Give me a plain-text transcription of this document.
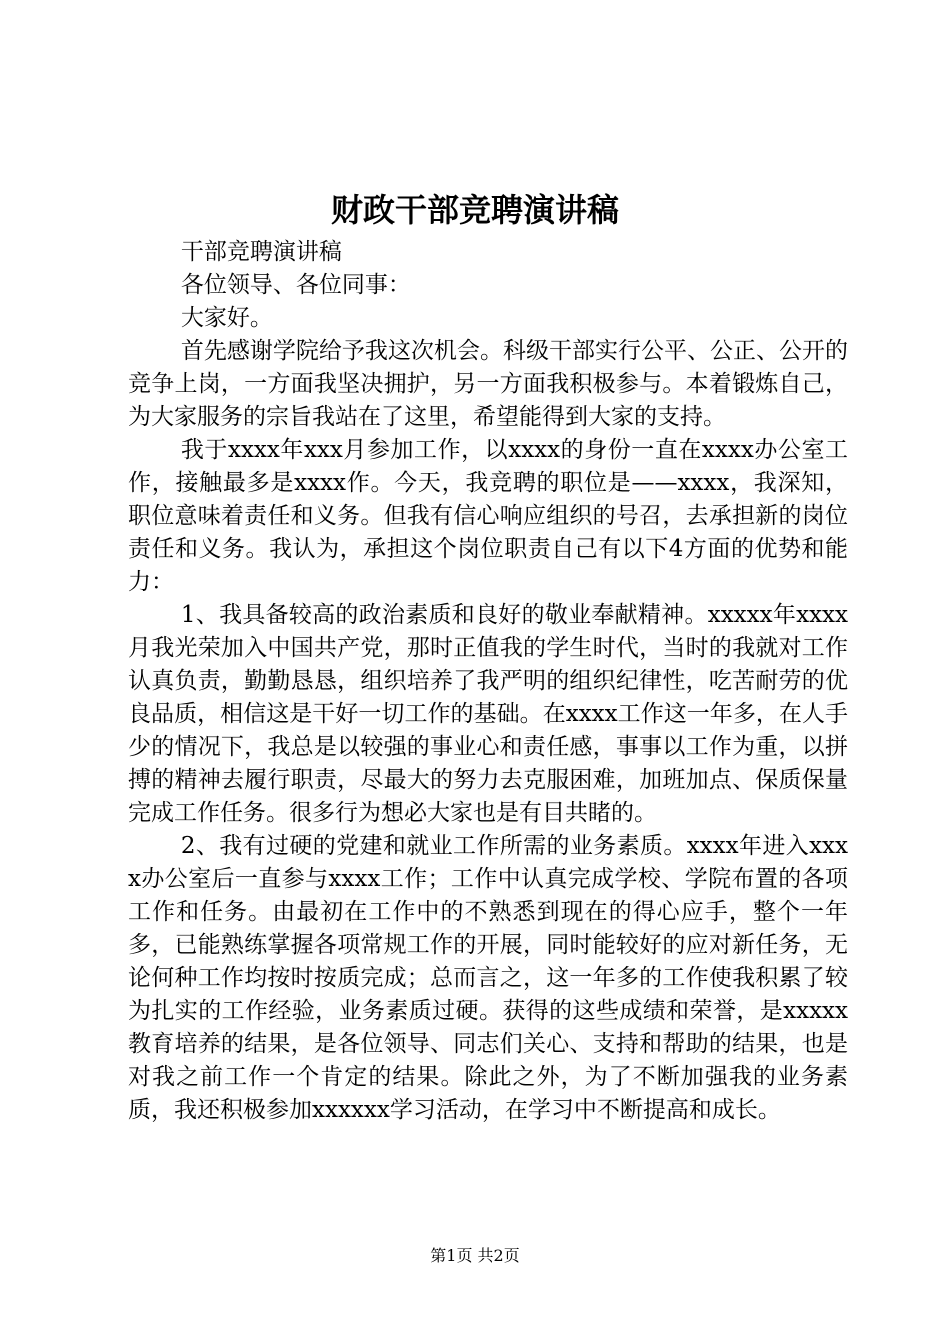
财政干部竞聘演讲稿

干部竞聘演讲稿

各位领导、各位同事：

大家好。

首先感谢学院给予我这次机会。科级干部实行公平、公正、公开的竞争上岗，一方面我坚决拥护，另一方面我积极参与。本着锻炼自己，为大家服务的宗旨我站在了这里，希望能得到大家的支持。

我于xxxx年xxx月参加工作，以xxxx的身份一直在xxxx办公室工作，接触最多是xxxx作。今天，我竞聘的职位是——xxxx，我深知，职位意味着责任和义务。但我有信心响应组织的号召，去承担新的岗位责任和义务。我认为，承担这个岗位职责自己有以下4方面的优势和能力：

1、我具备较高的政治素质和良好的敬业奉献精神。xxxxx年xxxx月我光荣加入中国共产党，那时正值我的学生时代，当时的我就对工作认真负责，勤勤恳恳，组织培养了我严明的组织纪律性，吃苦耐劳的优良品质，相信这是干好一切工作的基础。在xxxx工作这一年多，在人手少的情况下，我总是以较强的事业心和责任感，事事以工作为重，以拼搏的精神去履行职责，尽最大的努力去克服困难，加班加点、保质保量完成工作任务。很多行为想必大家也是有目共睹的。

2、我有过硬的党建和就业工作所需的业务素质。xxxx年进入xxxx办公室后一直参与xxxx工作；工作中认真完成学校、学院布置的各项工作和任务。由最初在工作中的不熟悉到现在的得心应手，整个一年多，已能熟练掌握各项常规工作的开展，同时能较好的应对新任务，无论何种工作均按时按质完成；总而言之，这一年多的工作使我积累了较为扎实的工作经验，业务素质过硬。获得的这些成绩和荣誉，是xxxxx教育培养的结果，是各位领导、同志们关心、支持和帮助的结果，也是对我之前工作一个肯定的结果。除此之外，为了不断加强我的业务素质，我还积极参加xxxxxx学习活动，在学习中不断提高和成长。

第1页 共2页
